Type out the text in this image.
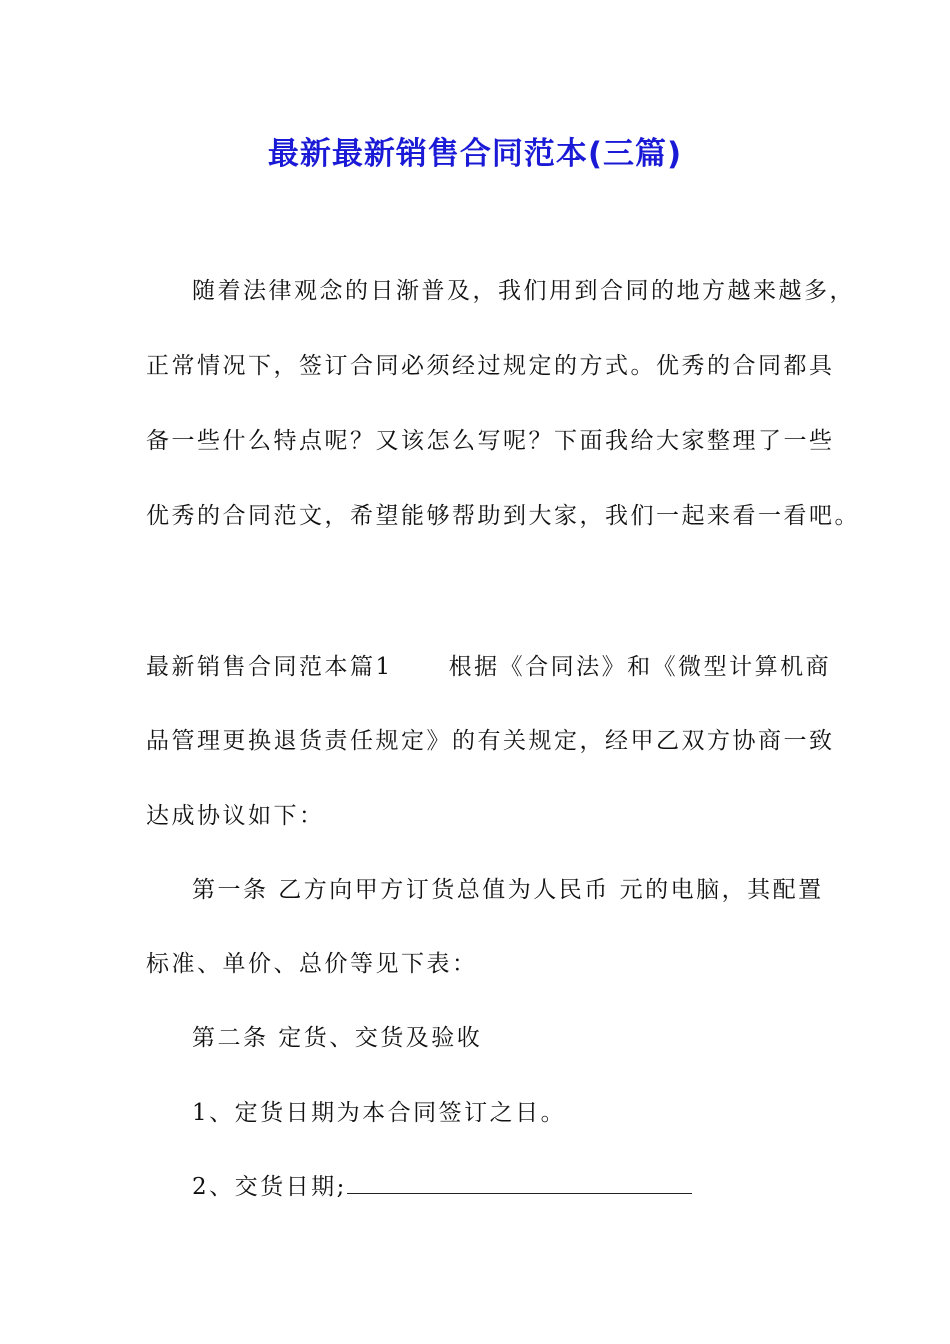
最新最新销售合同范本(三篇)

随着法律观念的日渐普及，我们用到合同的地方越来越多，

正常情况下，签订合同必须经过规定的方式。优秀的合同都具

备一些什么特点呢？又该怎么写呢？下面我给大家整理了一些

优秀的合同范文，希望能够帮助到大家，我们一起来看一看吧。

最新销售合同范本篇1 根据《合同法》和《微型计算机商

品管理更换退货责任规定》的有关规定，经甲乙双方协商一致

达成协议如下：

第一条 乙方向甲方订货总值为人民币 元的电脑，其配置

标准、单价、总价等见下表：

第二条 定货、交货及验收

1、定货日期为本合同签订之日。

2、交货日期;
